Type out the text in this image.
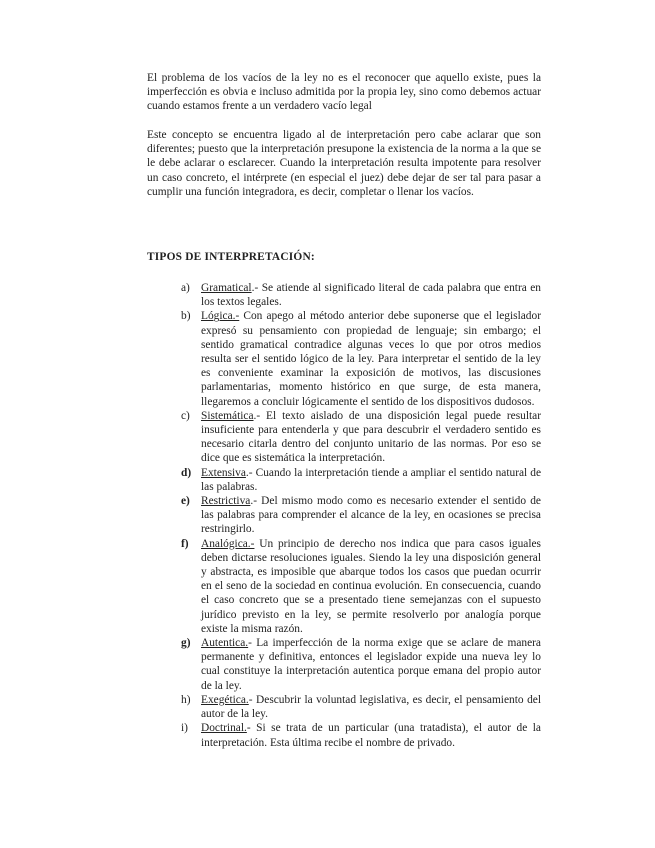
El problema de los vacíos de la ley no es el reconocer que aquello existe, pues la imperfección es obvia e incluso admitida por la propia ley, sino como debemos actuar cuando estamos frente a un verdadero vacío legal

Este concepto se encuentra ligado al de interpretación pero cabe aclarar que son diferentes; puesto que la interpretación presupone la existencia de la norma a la que se le debe aclarar o esclarecer. Cuando la interpretación resulta impotente para resolver un caso concreto, el intérprete (en especial el juez) debe dejar de ser tal para pasar a cumplir una función integradora, es decir, completar o llenar los vacíos.

TIPOS DE INTERPRETACIÓN:

a) Gramatical.- Se atiende al significado literal de cada palabra que entra en los textos legales.
b) Lógica.- Con apego al método anterior debe suponerse que el legislador expresó su pensamiento con propiedad de lenguaje; sin embargo; el sentido gramatical contradice algunas veces lo que por otros medios resulta ser el sentido lógico de la ley. Para interpretar el sentido de la ley es conveniente examinar la exposición de motivos, las discusiones parlamentarias, momento histórico en que surge, de esta manera, llegaremos a concluir lógicamente el sentido de los dispositivos dudosos.
c) Sistemática.- El texto aislado de una disposición legal puede resultar insuficiente para entenderla y que para descubrir el verdadero sentido es necesario citarla dentro del conjunto unitario de las normas. Por eso se dice que es sistemática la interpretación.
d) Extensiva.- Cuando la interpretación tiende a ampliar el sentido natural de las palabras.
e) Restrictiva.- Del mismo modo como es necesario extender el sentido de las palabras para comprender el alcance de la ley, en ocasiones se precisa restringirlo.
f) Analógica.- Un principio de derecho nos indica que para casos iguales deben dictarse resoluciones iguales. Siendo la ley una disposición general y abstracta, es imposible que abarque todos los casos que puedan ocurrir en el seno de la sociedad en continua evolución. En consecuencia, cuando el caso concreto que se a presentado tiene semejanzas con el supuesto jurídico previsto en la ley, se permite resolverlo por analogía porque existe la misma razón.
g) Autentica.- La imperfección de la norma exige que se aclare de manera permanente y definitiva, entonces el legislador expide una nueva ley lo cual constituye la interpretación autentica porque emana del propio autor de la ley.
h) Exegética.- Descubrir la voluntad legislativa, es decir, el pensamiento del autor de la ley.
i) Doctrinal.- Si se trata de un particular (una tratadista), el autor de la interpretación. Esta última recibe el nombre de privado.
